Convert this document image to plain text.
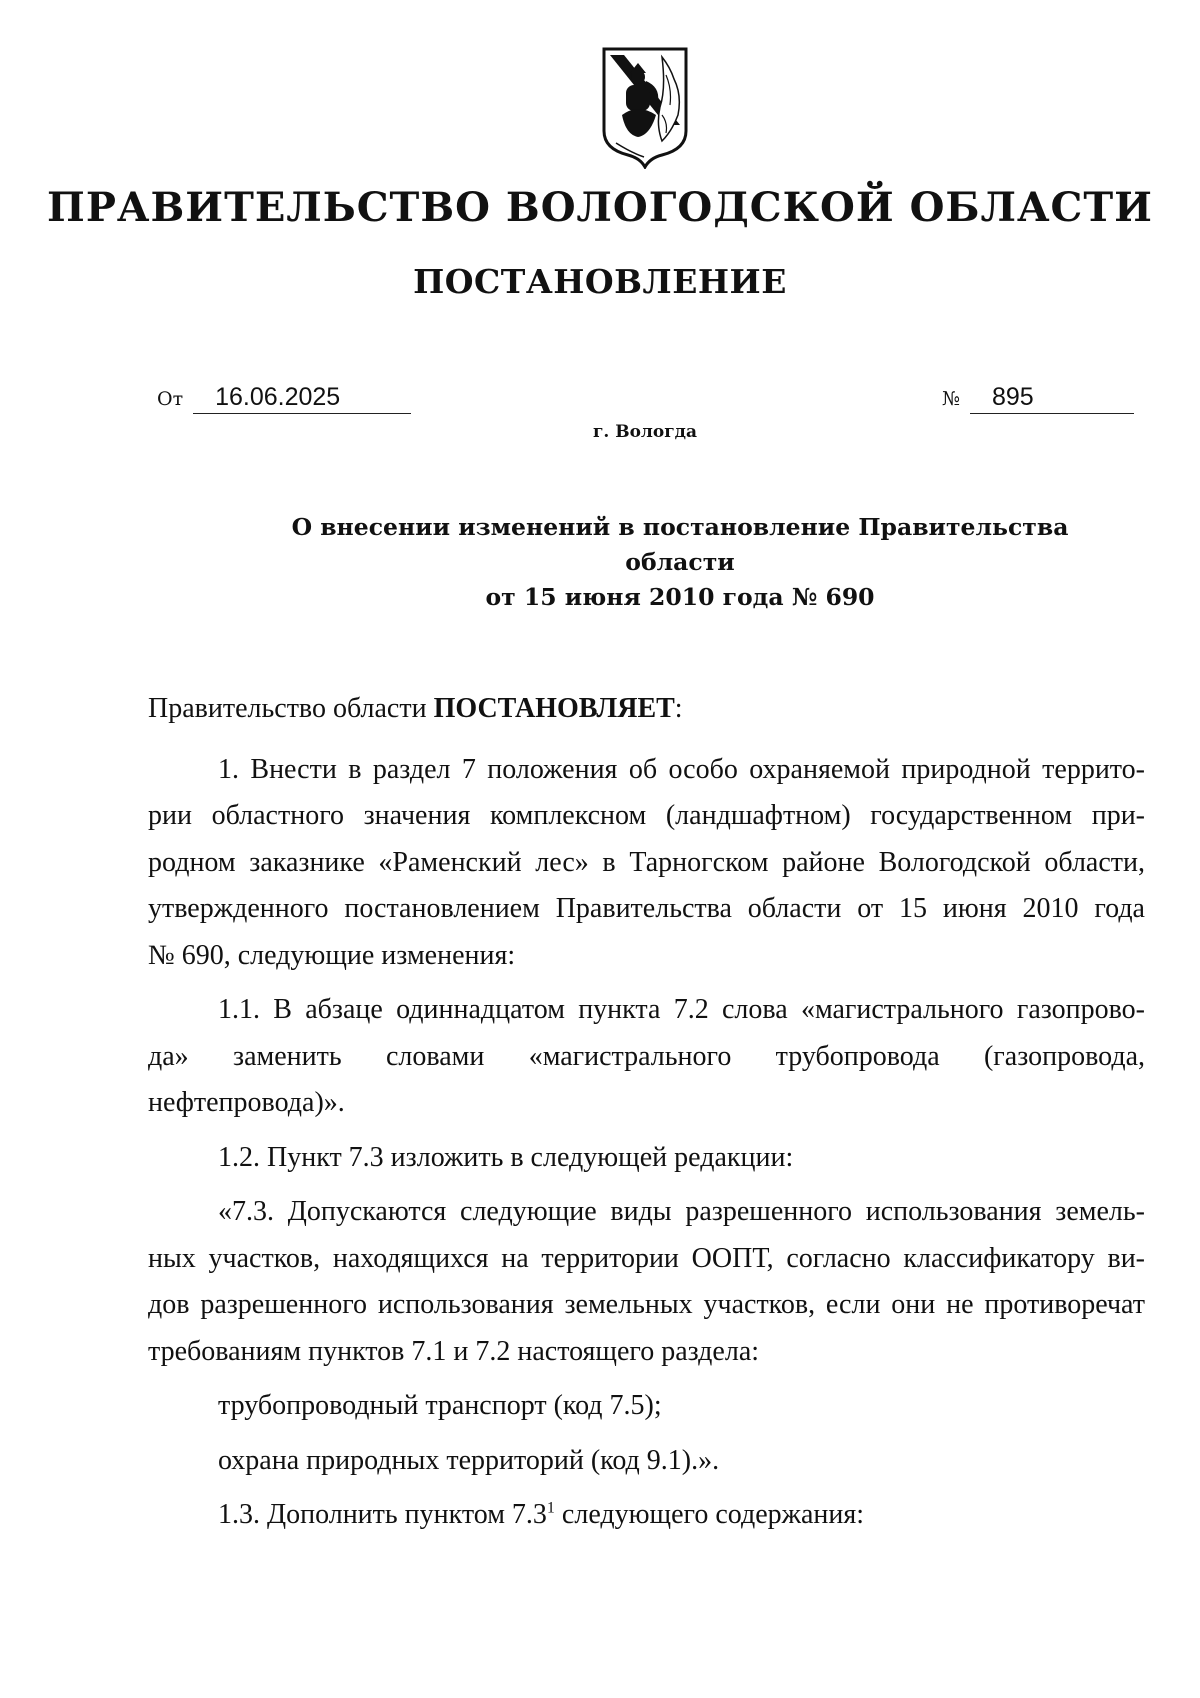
ПРАВИТЕЛЬСТВО ВОЛОГОДСКОЙ ОБЛАСТИ
ПОСТАНОВЛЕНИЕ
От 16.06.2025	№ 895
г. Вологда
О внесении изменений в постановление Правительства области
от 15 июня 2010 года № 690

Правительство области ПОСТАНОВЛЯЕТ:

1. Внести в раздел 7 положения об особо охраняемой природной террито-
рии областного значения комплексном (ландшафтном) государственном при-
родном заказнике «Раменский лес» в Тарногском районе Вологодской области,
утвержденного постановлением Правительства области от 15 июня 2010 года
№ 690, следующие изменения:

1.1. В абзаце одиннадцатом пункта 7.2 слова «магистрального газопрово-
да» заменить словами «магистрального трубопровода (газопровода,
нефтепровода)».

1.2. Пункт 7.3 изложить в следующей редакции:

«7.3. Допускаются следующие виды разрешенного использования земель-
ных участков, находящихся на территории ООПТ, согласно классификатору ви-
дов разрешенного использования земельных участков, если они не противоречат
требованиям пунктов 7.1 и 7.2 настоящего раздела:

трубопроводный транспорт (код 7.5);

охрана природных территорий (код 9.1).».

1.3. Дополнить пунктом $7.3^1$ следующего содержания:
